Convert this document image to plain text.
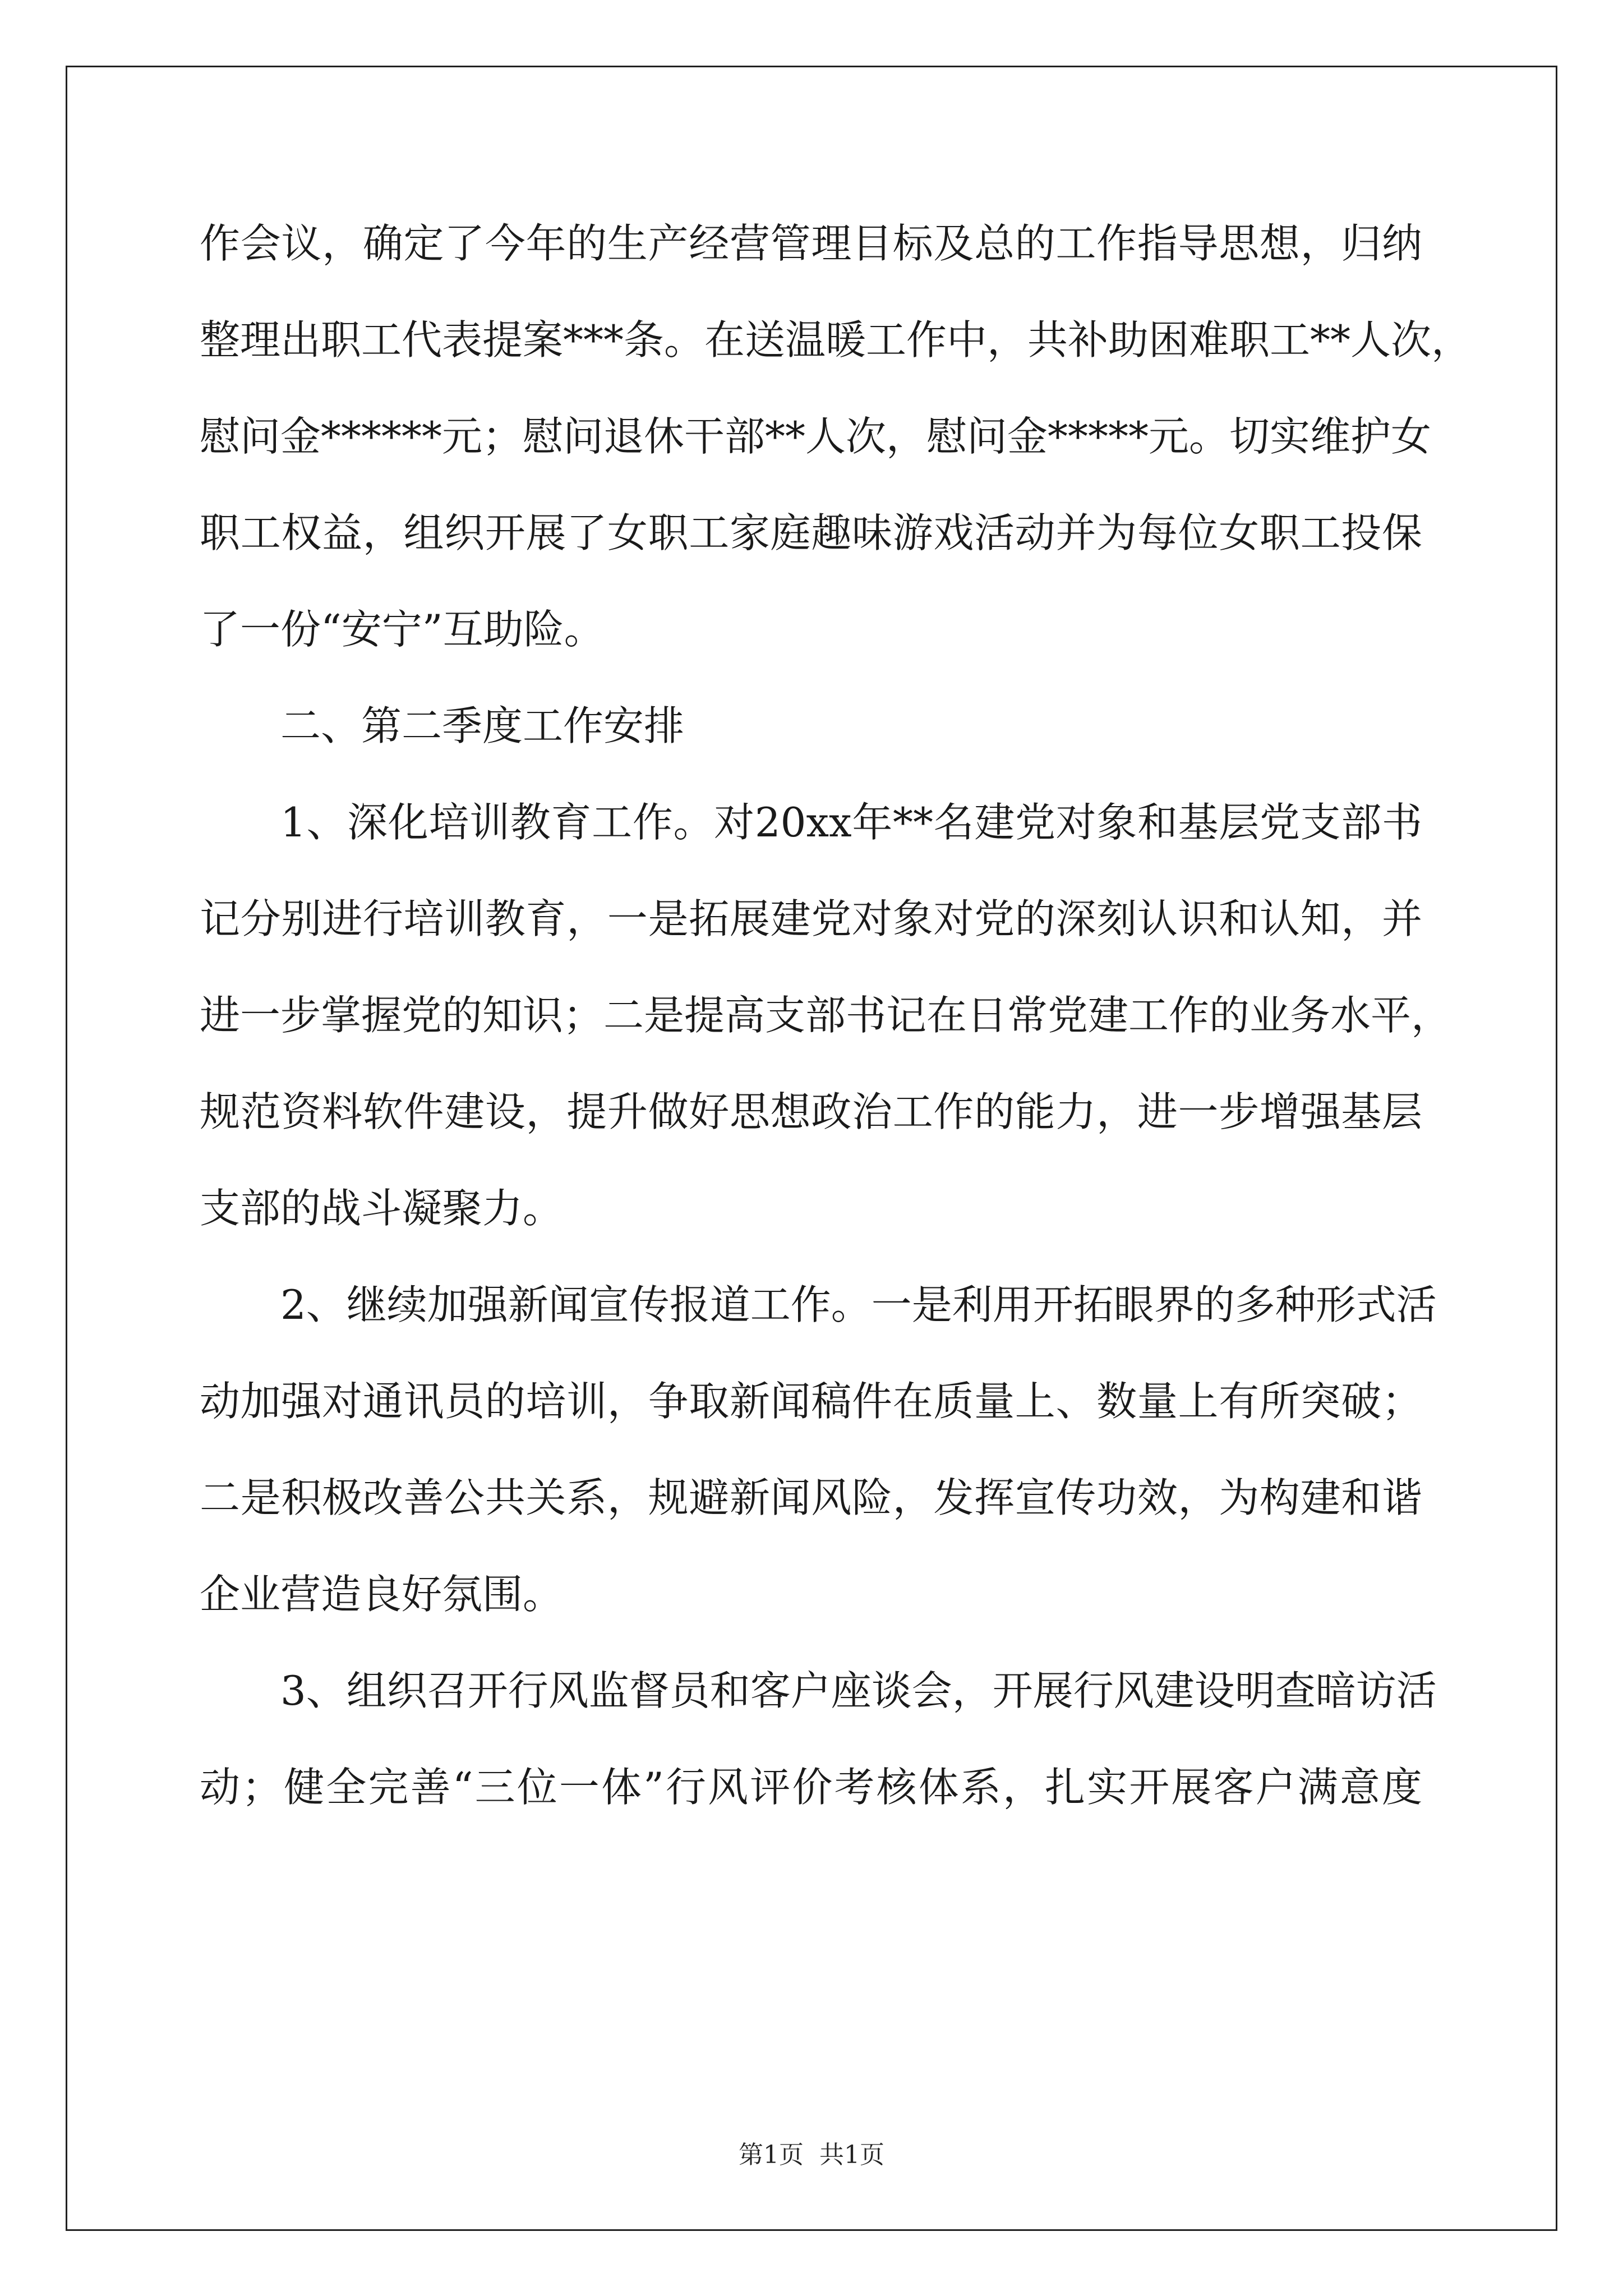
作会议，确定了今年的生产经营管理目标及总的工作指导思想，归纳
整理出职工代表提案***条。在送温暖工作中，共补助困难职工**人次，
慰问金******元；慰问退休干部**人次，慰问金*****元。切实维护女
职工权益，组织开展了女职工家庭趣味游戏活动并为每位女职工投保
了一份“安宁”互助险。
二、第二季度工作安排
1、深化培训教育工作。对20xx年**名建党对象和基层党支部书
记分别进行培训教育，一是拓展建党对象对党的深刻认识和认知，并
进一步掌握党的知识；二是提高支部书记在日常党建工作的业务水平，
规范资料软件建设，提升做好思想政治工作的能力，进一步增强基层
支部的战斗凝聚力。
2、继续加强新闻宣传报道工作。一是利用开拓眼界的多种形式活
动加强对通讯员的培训，争取新闻稿件在质量上、数量上有所突破；
二是积极改善公共关系，规避新闻风险，发挥宣传功效，为构建和谐
企业营造良好氛围。
3、组织召开行风监督员和客户座谈会，开展行风建设明查暗访活
动；健全完善“三位一体”行风评价考核体系，扎实开展客户满意度
第1页 共1页
